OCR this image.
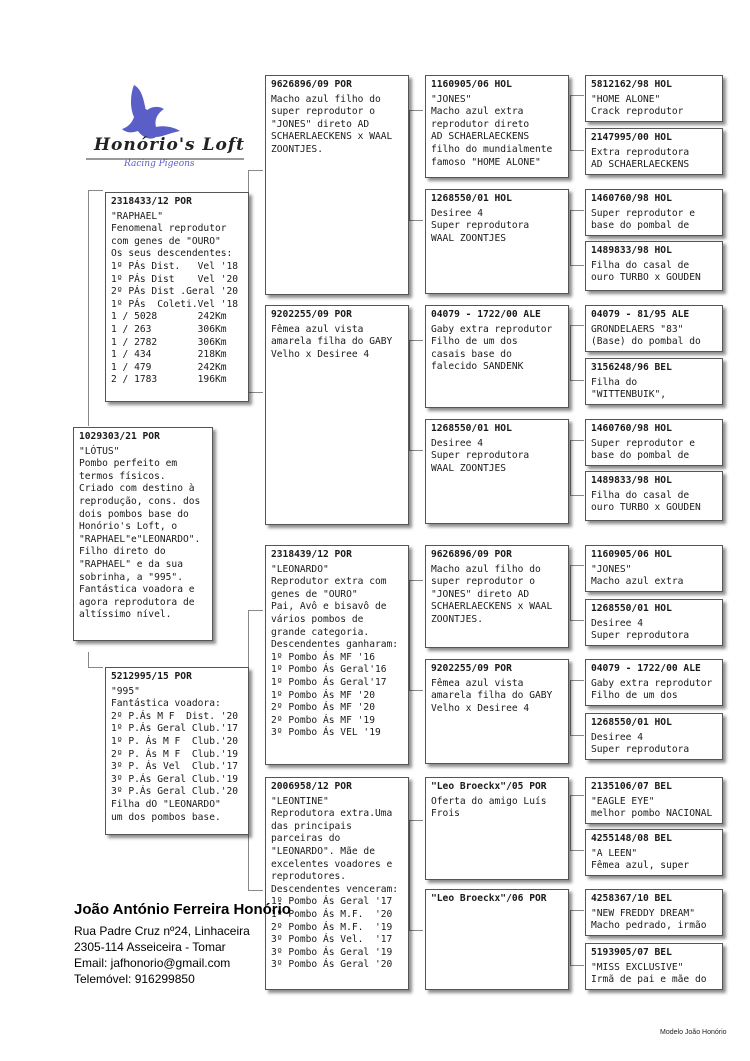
Honório's Loft
Racing Pigeons
1029303/21 POR
"LÓTUS"
Pombo perfeito em
termos físicos.
Criado com destino à
reprodução, cons. dos
dois pombos base do
Honório's Loft, o
"RAPHAEL"e"LEONARDO".
Filho direto do
"RAPHAEL" e da sua
sobrinha, a "995".
Fantástica voadora e
agora reprodutora de
altíssimo nível.
2318433/12 POR
"RAPHAEL"
Fenomenal reprodutor
com genes de "OURO"
Os seus descendentes:
1º PÁs Dist.   Vel '18
1º PÁs Dist    Vel '20
2º PÁs Dist .Geral '20
1º PÁs  Coleti.Vel '18
1 / 5028       242Km
1 / 263        306Km
1 / 2782       306Km
1 / 434        218Km
1 / 479        242Km
2 / 1783       196Km
5212995/15 POR
"995"
Fantástica voadora:
2º P.Ás M F  Dist. '20
1º P.Ás Geral Club.'17
1º P. Ás M F  Club.'20
2º P. Ás M F  Club.'19
3º P. Ás Vel  Club.'17
3º P.Ás Geral Club.'19
3º P.Ás Geral Club.'20
Filha dO "LEONARDO"
um dos pombos base.
9626896/09 POR
Macho azul filho do
super reprodutor o
"JONES" direto AD
SCHAERLAECKENS x WAAL
ZOONTJES.
9202255/09 POR
Fêmea azul vista
amarela filha do GABY
Velho x Desiree 4
2318439/12 POR
"LEONARDO"
Reprodutor extra com
genes de "OURO"
Pai, Avô e bisavô de
vários pombos de
grande categoria.
Descendentes ganharam:
1º Pombo Ás MF '16
1º Pombo Ás Geral'16
1º Pombo Ás Geral'17
1º Pombo Ás MF '20
2º Pombo Ás MF '20
2º Pombo Ás MF '19
3º Pombo Ás VEL '19
2006958/12 POR
"LEONTINE"
Reprodutora extra.Uma
das principais
parceiras do
"LEONARDO". Mãe de
excelentes voadores e
reprodutores.
Descendentes venceram:
1º Pombo Ás Geral '17
1º Pombo Ás M.F.  '20
2º Pombo Ás M.F.  '19
3º Pombo Ás Vel.  '17
3º Pombo Ás Geral '19
3º Pombo Ás Geral '20
1160905/06 HOL
"JONES"
Macho azul extra
reprodutor direto
AD SCHAERLAECKENS
filho do mundialmente
famoso "HOME ALONE"
1268550/01 HOL
Desiree 4
Super reprodutora
WAAL ZOONTJES
04079 - 1722/00 ALE
Gaby extra reprodutor
Filho de um dos
casais base do
falecido SANDENK
1268550/01 HOL
Desiree 4
Super reprodutora
WAAL ZOONTJES
9626896/09 POR
Macho azul filho do
super reprodutor o
"JONES" direto AD
SCHAERLAECKENS x WAAL
ZOONTJES.
9202255/09 POR
Fêmea azul vista
amarela filha do GABY
Velho x Desiree 4
"Leo Broeckx"/05 POR
Oferta do amigo Luís
Frois
"Leo Broeckx"/06 POR
5812162/98 HOL
"HOME ALONE"
Crack reprodutor
2147995/00 HOL
Extra reprodutora
AD SCHAERLAECKENS
1460760/98 HOL
Super reprodutor e
base do pombal de
1489833/98 HOL
Filha do casal de
ouro TURBO x GOUDEN
04079 - 81/95 ALE
GRONDELAERS "83"
(Base) do pombal do
3156248/96 BEL
Filha do
"WITTENBUIK",
1460760/98 HOL
Super reprodutor e
base do pombal de
1489833/98 HOL
Filha do casal de
ouro TURBO x GOUDEN
1160905/06 HOL
"JONES"
Macho azul extra
1268550/01 HOL
Desiree 4
Super reprodutora
04079 - 1722/00 ALE
Gaby extra reprodutor
Filho de um dos
1268550/01 HOL
Desiree 4
Super reprodutora
2135106/07 BEL
"EAGLE EYE"
melhor pombo NACIONAL
4255148/08 BEL
"A LEEN"
Fêmea azul, super
4258367/10 BEL
"NEW FREDDY DREAM"
Macho pedrado, irmão
5193905/07 BEL
"MISS EXCLUSIVE"
Irmã de pai e mãe do
João António Ferreira Honório
Rua Padre Cruz nº24, Linhaceira
2305-114 Asseiceira - Tomar
Email: jafhonorio@gmail.com
Telemóvel: 916299850
Modelo João Honório
